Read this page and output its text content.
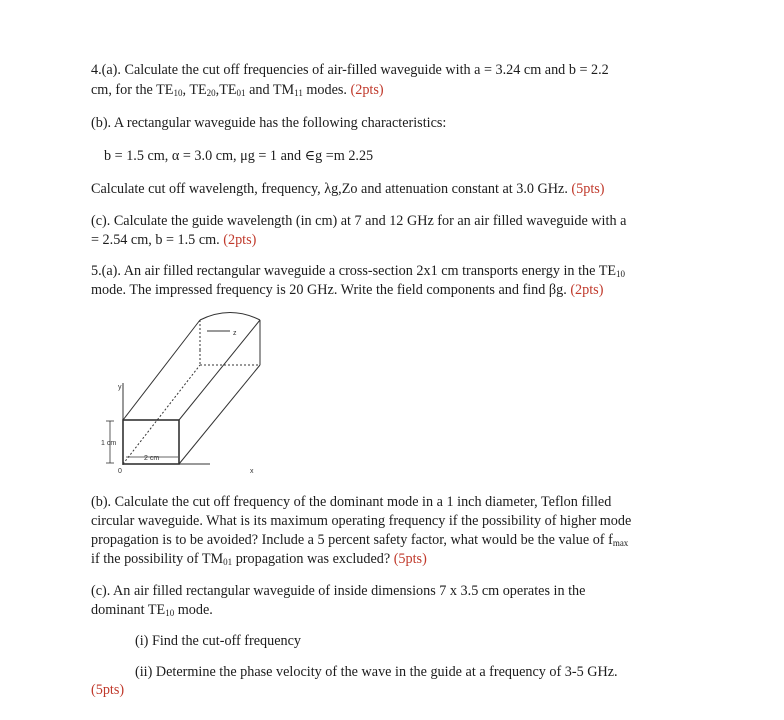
4.(a). Calculate the cut off frequencies of air-filled waveguide with a = 3.24 cm and b = 2.2
cm, for the $TE_{10}$, $TE_{20},TE_{01}$ and $TM_{11}$ modes. (2pts)
(b). A rectangular waveguide has the following characteristics:
b = 1.5 cm, α = 3.0 cm, μg = 1 and ∈g =m 2.25
Calculate cut off wavelength, frequency, λg,Zo and attenuation constant at 3.0 GHz. (5pts)
(c). Calculate the guide wavelength (in cm) at 7 and 12 GHz for an air filled waveguide with a
= 2.54 cm, b = 1.5 cm. (2pts)
5.(a). An air filled rectangular waveguide a cross-section 2x1 cm transports energy in the $TE_{10}$
mode. The impressed frequency is 20 GHz. Write the field components and find βg. (2pts)
y
1 cm
0
2 cm
x
z
(b). Calculate the cut off frequency of the dominant mode in a 1 inch diameter, Teflon filled
circular waveguide. What is its maximum operating frequency if the possibility of higher mode
propagation is to be avoided? Include a 5 percent safety factor, what would be the value of $f_{max}$
if the possibility of $TM_{01}$ propagation was excluded? (5pts)
(c). An air filled rectangular waveguide of inside dimensions 7 x 3.5 cm operates in the
dominant $TE_{10}$ mode.
(i) Find the cut-off frequency
(ii) Determine the phase velocity of the wave in the guide at a frequency of 3-5 GHz.
(5pts)
